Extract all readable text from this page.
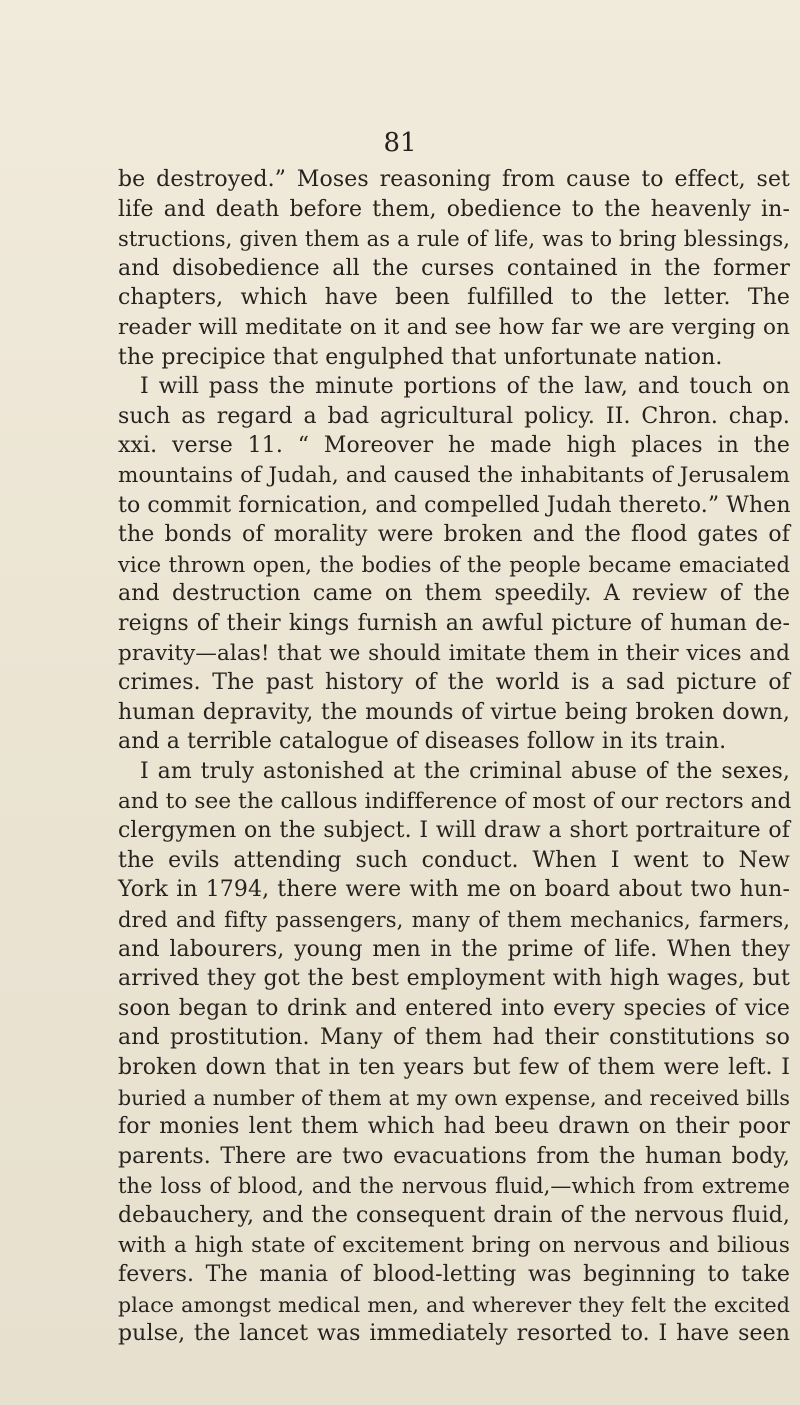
81
be destroyed.” Moses reasoning from cause to effect, set
life and death before them, obedience to the heavenly in-
structions, given them as a rule of life, was to bring blessings,
and disobedience all the curses contained in the former
chapters, which have been fulfilled to the letter. The
reader will meditate on it and see how far we are verging on
the precipice that engulphed that unfortunate nation.
I will pass the minute portions of the law, and touch on
such as regard a bad agricultural policy. II. Chron. chap.
xxi. verse 11. “ Moreover he made high places in the
mountains of Judah, and caused the inhabitants of Jerusalem
to commit fornication, and compelled Judah thereto.” When
the bonds of morality were broken and the flood gates of
vice thrown open, the bodies of the people became emaciated
and destruction came on them speedily. A review of the
reigns of their kings furnish an awful picture of human de-
pravity—alas! that we should imitate them in their vices and
crimes. The past history of the world is a sad picture of
human depravity, the mounds of virtue being broken down,
and a terrible catalogue of diseases follow in its train.
I am truly astonished at the criminal abuse of the sexes,
and to see the callous indifference of most of our rectors and
clergymen on the subject. I will draw a short portraiture of
the evils attending such conduct. When I went to New
York in 1794, there were with me on board about two hun-
dred and fifty passengers, many of them mechanics, farmers,
and labourers, young men in the prime of life. When they
arrived they got the best employment with high wages, but
soon began to drink and entered into every species of vice
and prostitution. Many of them had their constitutions so
broken down that in ten years but few of them were left. I
buried a number of them at my own expense, and received bills
for monies lent them which had beeu drawn on their poor
parents. There are two evacuations from the human body,
the loss of blood, and the nervous fluid,—which from extreme
debauchery, and the consequent drain of the nervous fluid,
with a high state of excitement bring on nervous and bilious
fevers. The mania of blood-letting was beginning to take
place amongst medical men, and wherever they felt the excited
pulse, the lancet was immediately resorted to. I have seen
